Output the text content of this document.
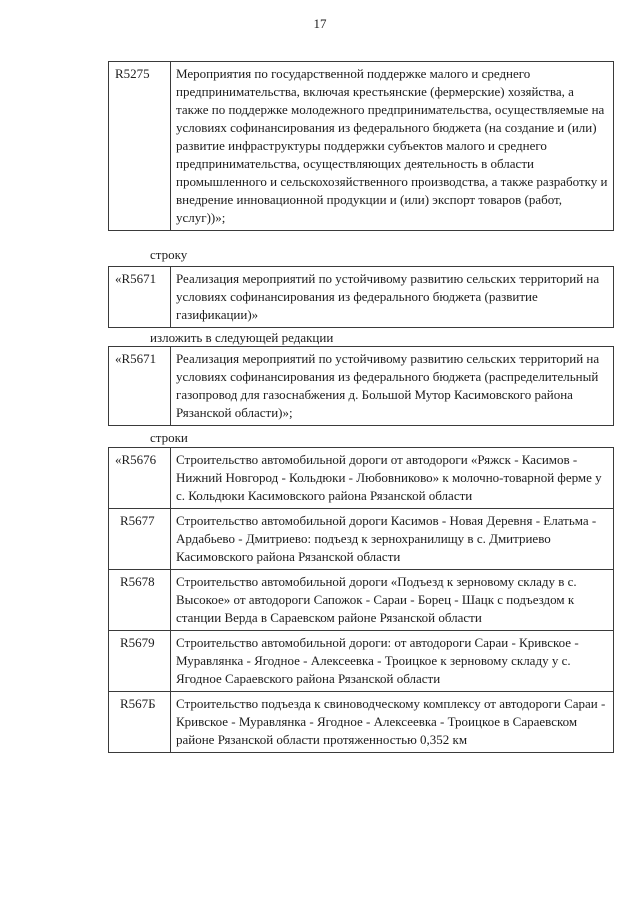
17
R5275	Мероприятия по государственной поддержке малого и среднего предпринимательства, включая крестьянские (фермерские) хозяйства, а также по поддержке молодежного предпринимательства, осуществляемые на условиях софинансирования из федерального бюджета (на создание и (или) развитие инфраструктуры поддержки субъектов малого и среднего предпринимательства, осуществляющих деятельность в области промышленного и сельскохозяйственного производства, а также разработку и внедрение инновационной продукции и (или) экспорт товаров (работ, услуг))»;
строку
«R5671	Реализация мероприятий по устойчивому развитию сельских территорий на условиях софинансирования из федерального бюджета (развитие газификации)»
изложить в следующей редакции
«R5671	Реализация мероприятий по устойчивому развитию сельских территорий на условиях софинансирования из федерального бюджета (распределительный газопровод для газоснабжения д. Большой Мутор Касимовского района Рязанской области)»;
строки
«R5676	Строительство автомобильной дороги от автодороги «Ряжск - Касимов - Нижний Новгород - Кольдюки - Любовниково» к молочно-товарной ферме у с. Кольдюки Касимовского района Рязанской области
R5677	Строительство автомобильной дороги Касимов - Новая Деревня - Елатьма - Ардабьево - Дмитриево: подъезд к зернохранилищу в с. Дмитриево Касимовского района Рязанской области
R5678	Строительство автомобильной дороги «Подъезд к зерновому складу в с. Высокое» от автодороги Сапожок - Сараи - Борец - Шацк с подъездом к станции Верда в Сараевском районе Рязанской области
R5679	Строительство автомобильной дороги: от автодороги Сараи - Кривское - Муравлянка - Ягодное - Алексеевка - Троицкое к зерновому складу у с. Ягодное Сараевского района Рязанской области
R567Б	Строительство подъезда к свиноводческому комплексу от автодороги Сараи - Кривское - Муравлянка - Ягодное - Алексеевка - Троицкое в Сараевском районе Рязанской области протяженностью 0,352 км
